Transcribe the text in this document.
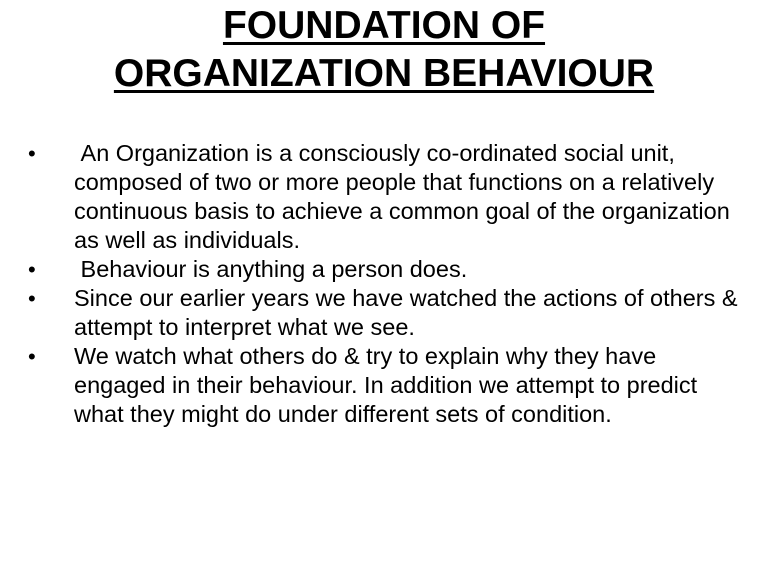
FOUNDATION OF
ORGANIZATION BEHAVIOUR
•	An Organization is a consciously co-ordinated social unit, composed of two or more people that functions on a relatively continuous basis to achieve a common goal of the organization as well as individuals.
•	Behaviour is anything a person does.
•	Since our earlier years we have watched the actions of others & attempt to interpret what we see.
•	We watch what others do & try to explain why they have engaged in their behaviour. In addition we attempt to predict what they might do under different sets of condition.
